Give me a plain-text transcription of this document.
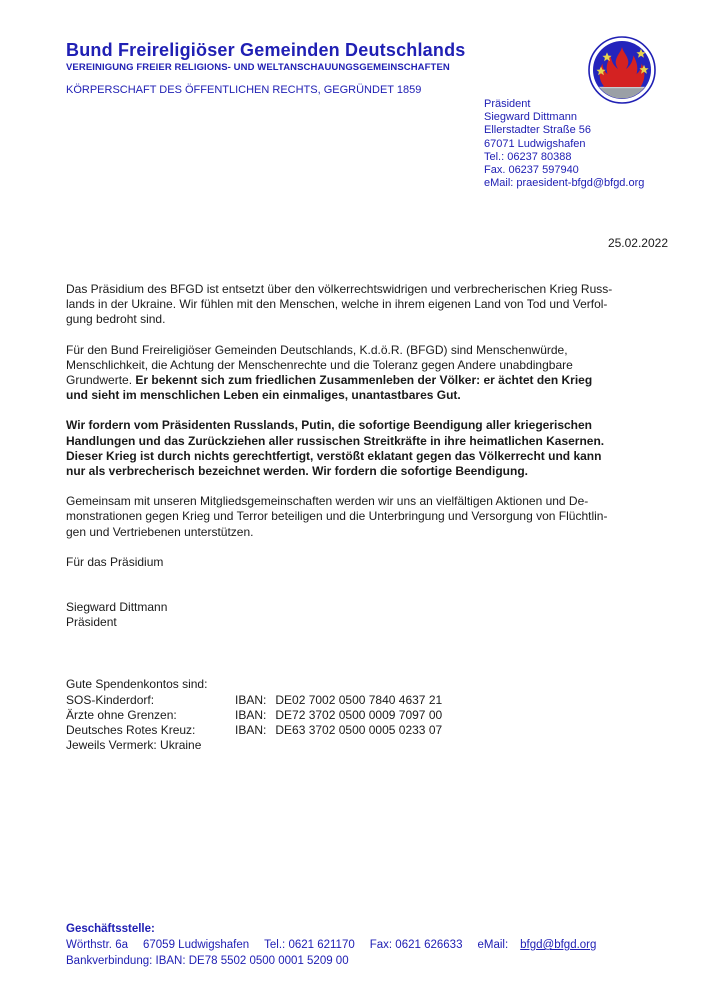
Bund Freireligiöser Gemeinden Deutschlands
VEREINIGUNG FREIER RELIGIONS- UND WELTANSCHAUUNGSGEMEINSCHAFTEN
KÖRPERSCHAFT DES ÖFFENTLICHEN RECHTS, GEGRÜNDET 1859
Präsident
Siegward Dittmann
Ellerstadter Straße 56
67071 Ludwigshafen
Tel.: 06237 80388
Fax. 06237 597940
eMail: praesident-bfgd@bfgd.org
25.02.2022

Das Präsidium des BFGD ist entsetzt über den völkerrechtswidrigen und verbrecherischen Krieg Russ-
lands in der Ukraine. Wir fühlen mit den Menschen, welche in ihrem eigenen Land von Tod und Verfol-
gung bedroht sind.

Für den Bund Freireligiöser Gemeinden Deutschlands, K.d.ö.R. (BFGD) sind Menschenwürde,
Menschlichkeit, die Achtung der Menschenrechte und die Toleranz gegen Andere unabdingbare
Grundwerte. Er bekennt sich zum friedlichen Zusammenleben der Völker: er ächtet den Krieg
und sieht im menschlichen Leben ein einmaliges, unantastbares Gut.

Wir fordern vom Präsidenten Russlands, Putin, die sofortige Beendigung aller kriegerischen
Handlungen und das Zurückziehen aller russischen Streitkräfte in ihre heimatlichen Kasernen.
Dieser Krieg ist durch nichts gerechtfertigt, verstößt eklatant gegen das Völkerrecht und kann
nur als verbrecherisch bezeichnet werden. Wir fordern die sofortige Beendigung.

Gemeinsam mit unseren Mitgliedsgemeinschaften werden wir uns an vielfältigen Aktionen und De-
monstrationen gegen Krieg und Terror beteiligen und die Unterbringung und Versorgung von Flüchtlin-
gen und Vertriebenen unterstützen.

Für das Präsidium

Siegward Dittmann
Präsident
Gute Spendenkontos sind:
SOS-Kinderdorf:	IBAN: DE02 7002 0500 7840 4637 21
Ärzte ohne Grenzen:	IBAN: DE72 3702 0500 0009 7097 00
Deutsches Rotes Kreuz:	IBAN: DE63 3702 0500 0005 0233 07
Jeweils Vermerk: Ukraine
Geschäftsstelle:
Wörthstr. 6a 67059 Ludwigshafen Tel.: 0621 621170 Fax: 0621 626633 eMail: bfgd@bfgd.org
Bankverbindung: IBAN: DE78 5502 0500 0001 5209 00
